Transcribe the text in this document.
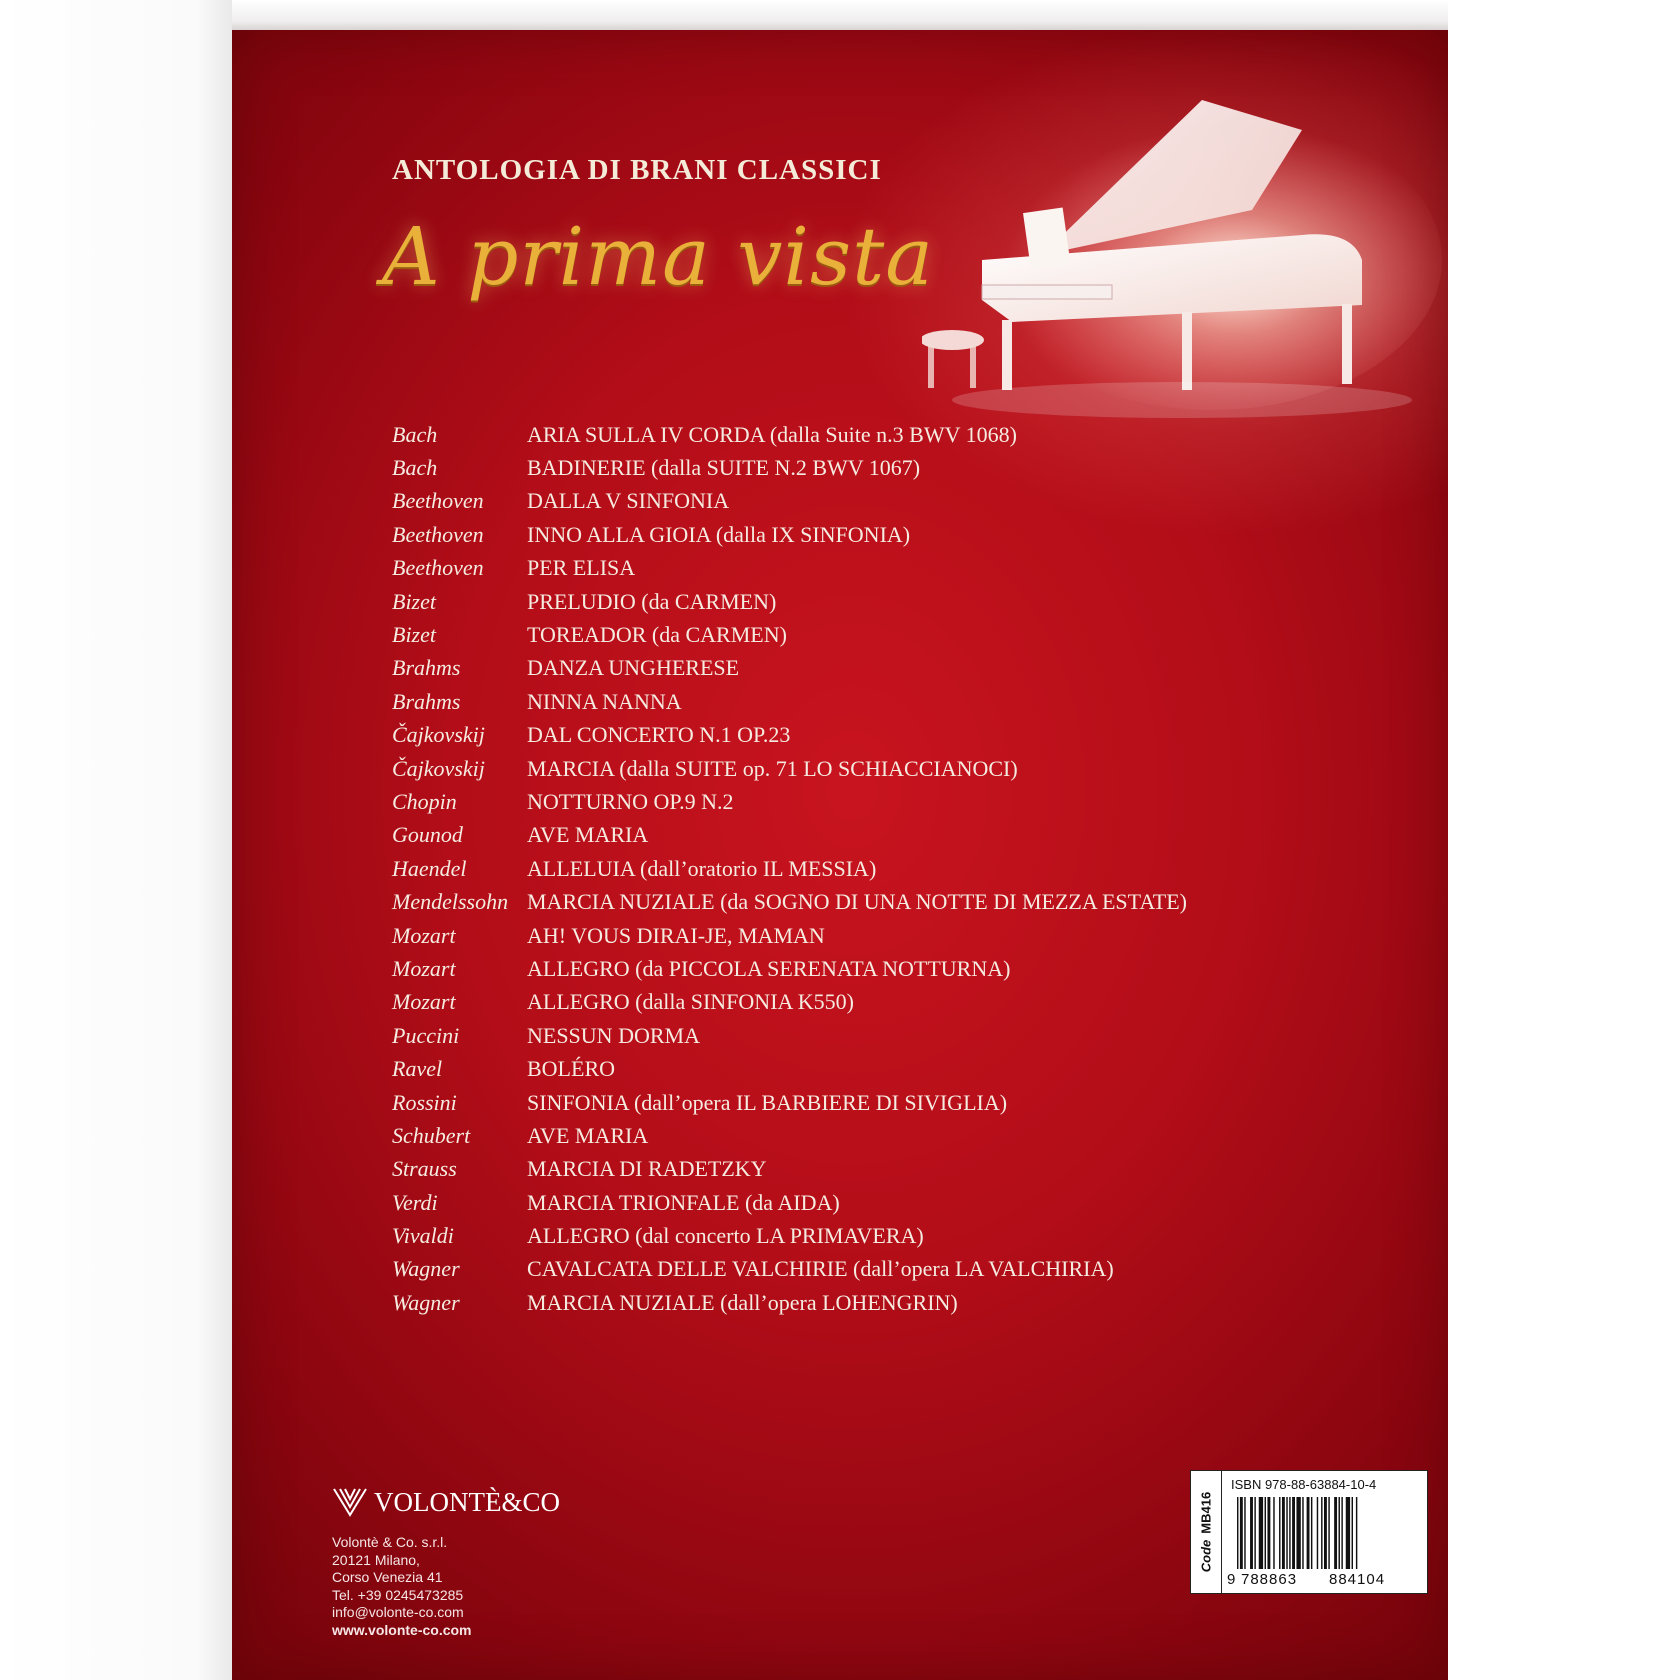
ANTOLOGIA DI BRANI CLASSICI
A prima vista
Bach	ARIA SULLA IV CORDA (dalla Suite n.3 BWV 1068)
Bach	BADINERIE (dalla SUITE N.2 BWV 1067)
Beethoven	DALLA V SINFONIA
Beethoven	INNO ALLA GIOIA (dalla IX SINFONIA)
Beethoven	PER ELISA
Bizet	PRELUDIO (da CARMEN)
Bizet	TOREADOR (da CARMEN)
Brahms	DANZA UNGHERESE
Brahms	NINNA NANNA
Čajkovskij	DAL CONCERTO N.1 OP.23
Čajkovskij	MARCIA (dalla SUITE op. 71 LO SCHIACCIANOCI)
Chopin	NOTTURNO OP.9 N.2
Gounod	AVE MARIA
Haendel	ALLELUIA (dall’oratorio IL MESSIA)
Mendelssohn MARCIA NUZIALE (da SOGNO DI UNA NOTTE DI MEZZA ESTATE)
Mozart	AH! VOUS DIRAI-JE, MAMAN
Mozart	ALLEGRO (da PICCOLA SERENATA NOTTURNA)
Mozart	ALLEGRO (dalla SINFONIA K550)
Puccini	NESSUN DORMA
Ravel	BOLÉRO
Rossini	SINFONIA (dall’opera IL BARBIERE DI SIVIGLIA)
Schubert	AVE MARIA
Strauss	MARCIA DI RADETZKY
Verdi	MARCIA TRIONFALE (da AIDA)
Vivaldi	ALLEGRO (dal concerto LA PRIMAVERA)
Wagner	CAVALCATA DELLE VALCHIRIE (dall’opera LA VALCHIRIA)
Wagner	MARCIA NUZIALE (dall’opera LOHENGRIN)
VOLONTÈ&CO
Volontè & Co. s.r.l.
20121 Milano,
Corso Venezia 41
Tel. +39 0245473285
info@volonte-co.com
www.volonte-co.com
CodeMB416
ISBN 978-88-63884-10-4
9 788863	884104
